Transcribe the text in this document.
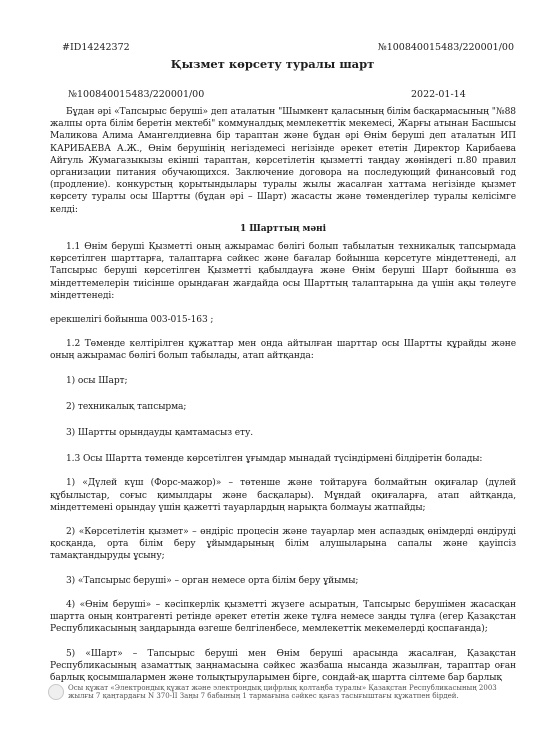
#ID14242372	№100840015483/220001/00
Қызмет көрсету туралы шарт
№100840015483/220001/00	2022-01-14

Бұдан әрі «Тапсырыс беруші» деп аталатын "Шымкент қаласының білім басқармасының "№88 жалпы орта білім беретін мектебі" коммуналдық мемлекеттік мекемесі, Жарғы атынан Басшысы Маликова Алима Амангелдиевна бір тараптан және бұдан әрі Өнім беруші деп аталатын ИП КАРИБАЕВА А.Ж., Өнім берушінің негіздемесі негізінде әрекет ететін Директор Карибаева Айгуль Жумагазыкызы екінші тараптан, көрсетілетін қызметті таңдау жөніндегі п.80 правил организации питания обучающихся. Заключение договора на последующий финансовый год (продление). конкурстың қорытындылары туралы жылы жасалған хаттама негізінде қызмет көрсету туралы осы Шартты (бұдан әрі – Шарт) жасасты және төмендегілер туралы келісімге келді:

1 Шарттың мәні

1.1 Өнім беруші Қызметті оның ажырамас бөлігі болып табылатын техникалық тапсырмада көрсетілген шарттарға, талаптарға сәйкес және бағалар бойынша көрсетуге міндеттенеді, ал Тапсырыс беруші көрсетілген Қызметті қабылдауға және Өнім беруші Шарт бойынша өз міндеттемелерін тиісінше орындаған жағдайда осы Шарттың талаптарына да үшін ақы төлеуге міндеттенеді:

ерекшелігі бойынша 003-015-163 ;

1.2 Төменде келтірілген құжаттар мен онда айтылған шарттар осы Шартты құрайды және оның ажырамас бөлігі болып табылады, атап айтқанда:

1) осы Шарт;

2) техникалық тапсырма;

3) Шартты орындауды қамтамасыз ету.

1.3 Осы Шартта төменде көрсетілген ұғымдар мынадай түсіндірмені білдіретін болады:

1) «Дүлей күш (Форс-мажор)» – төтенше және тойтаруға болмайтын оқиғалар (дүлей құбылыстар, соғыс қимылдары және басқалары). Мұндай оқиғаларға, атап айтқанда, міндеттемені орындау үшін қажетті тауарлардың нарықта болмауы жатпайды;

2) «Көрсетілетін қызмет» – өндіріс процесін және тауарлар мен аспаздық өнімдерді өндіруді қосқанда, орта білім беру ұйымдарының білім алушыларына сапалы және қауіпсіз тамақтандыруды ұсыну;

3) «Тапсырыс беруші» – орган немесе орта білім беру ұйымы;

4) «Өнім беруші» – кәсіпкерлік қызметті жүзеге асыратын, Тапсырыс берушімен жасасқан шартта оның контрагенті ретінде әрекет ететін жеке тұлға немесе заңды тұлға (егер Қазақстан Республикасының заңдарында өзгеше белгіленбесе, мемлекеттік мекемелерді қоспағанда);

5) «Шарт» – Тапсырыс беруші мен Өнім беруші арасында жасалған, Қазақстан Республикасының азаматтық заңнамасына сәйкес жазбаша нысанда жазылған, тараптар оған барлық қосымшалармен және толықтыруларымен бірге, сондай-ақ шартта сілтеме бар барлық

Осы құжат «Электрондық құжат және электрондық цифрлық қолтаңба туралы» Қазақстан Республикасының 2003 жылғы 7 қаңтардағы N 370-II Заңы 7 бабының 1 тармағына сәйкес қағаз тасығыштағы құжатпен бірдей.
